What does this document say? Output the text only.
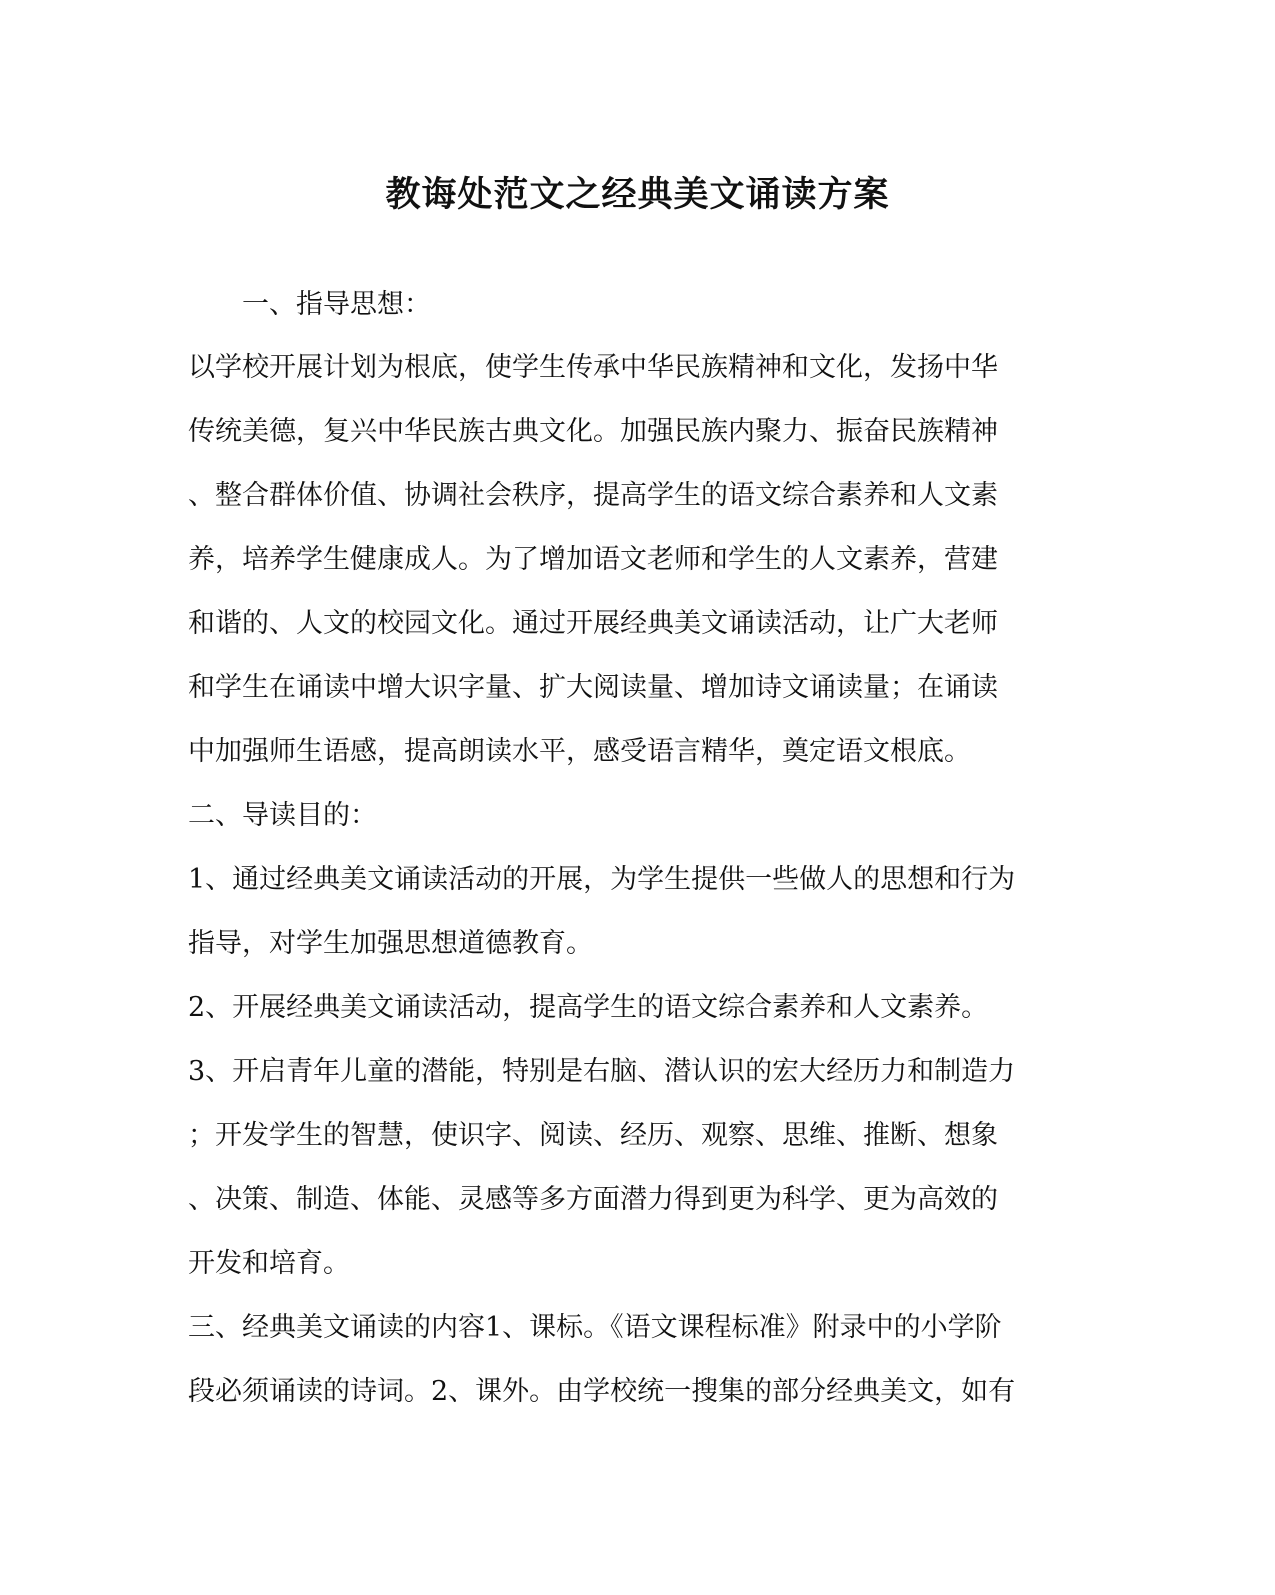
教诲处范文之经典美文诵读方案
　　一、指导思想：
以学校开展计划为根底，使学生传承中华民族精神和文化，发扬中华
传统美德，复兴中华民族古典文化。加强民族内聚力、振奋民族精神
、整合群体价值、协调社会秩序，提高学生的语文综合素养和人文素
养，培养学生健康成人。为了增加语文老师和学生的人文素养，营建
和谐的、人文的校园文化。通过开展经典美文诵读活动，让广大老师
和学生在诵读中增大识字量、扩大阅读量、增加诗文诵读量；在诵读
中加强师生语感，提高朗读水平，感受语言精华，奠定语文根底。
二、导读目的：
1、通过经典美文诵读活动的开展，为学生提供一些做人的思想和行为
指导，对学生加强思想道德教育。
2、开展经典美文诵读活动，提高学生的语文综合素养和人文素养。
3、开启青年儿童的潜能，特别是右脑、潜认识的宏大经历力和制造力
；开发学生的智慧，使识字、阅读、经历、观察、思维、推断、想象
、决策、制造、体能、灵感等多方面潜力得到更为科学、更为高效的
开发和培育。
三、经典美文诵读的内容1、课标。《语文课程标准》附录中的小学阶
段必须诵读的诗词。2、课外。由学校统一搜集的部分经典美文，如有
